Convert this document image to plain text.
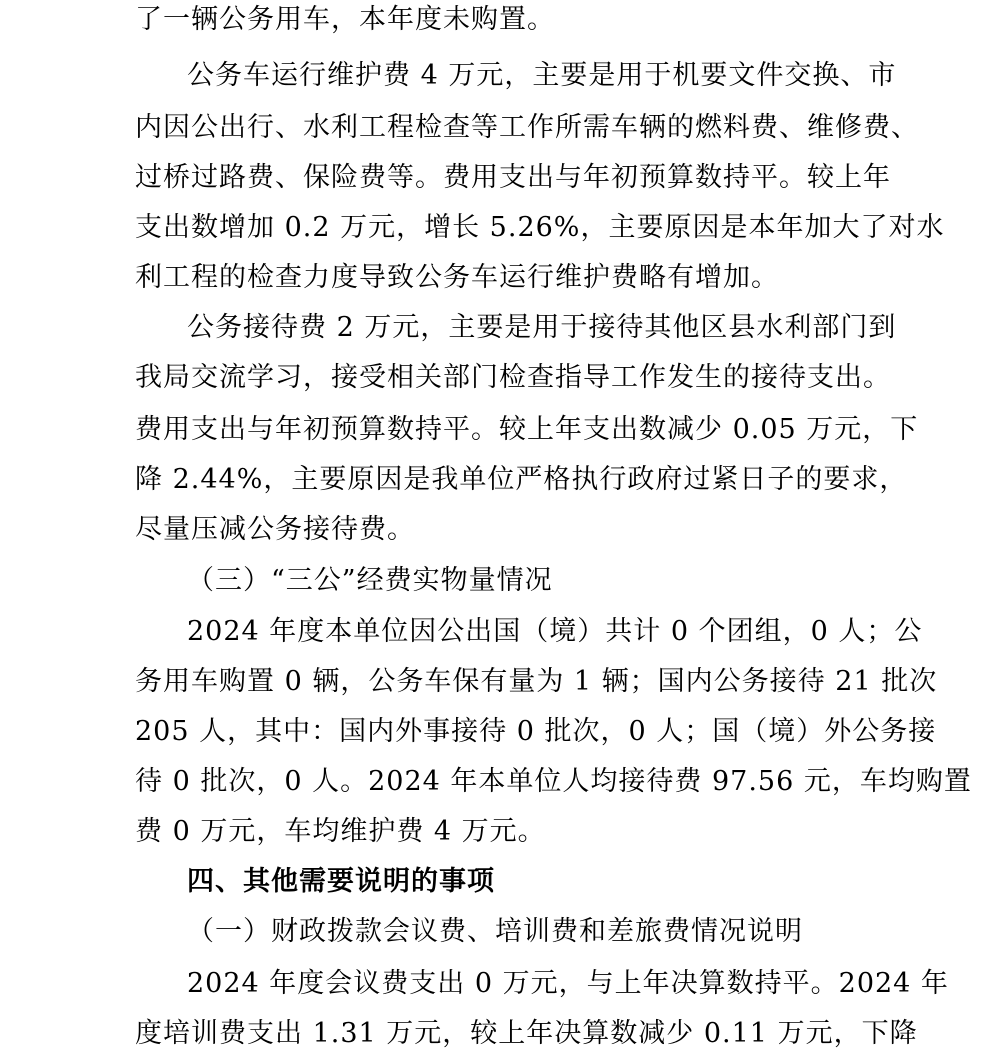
了一辆公务用车，本年度未购置。
公务车运行维护费 4 万元，主要是用于机要文件交换、市
内因公出行、水利工程检查等工作所需车辆的燃料费、维修费、
过桥过路费、保险费等。费用支出与年初预算数持平。较上年
支出数增加 0.2 万元，增长 5.26%，主要原因是本年加大了对水
利工程的检查力度导致公务车运行维护费略有增加。
公务接待费 2 万元，主要是用于接待其他区县水利部门到
我局交流学习，接受相关部门检查指导工作发生的接待支出。
费用支出与年初预算数持平。较上年支出数减少 0.05 万元，下
降 2.44%，主要原因是我单位严格执行政府过紧日子的要求，
尽量压减公务接待费。
（三）“三公”经费实物量情况
2024 年度本单位因公出国（境）共计 0 个团组，0 人；公
务用车购置 0 辆，公务车保有量为 1 辆；国内公务接待 21 批次
205 人，其中：国内外事接待 0 批次，0 人；国（境）外公务接
待 0 批次，0 人。2024 年本单位人均接待费 97.56 元，车均购置
费 0 万元，车均维护费 4 万元。
四、其他需要说明的事项
（一）财政拨款会议费、培训费和差旅费情况说明
2024 年度会议费支出 0 万元，与上年决算数持平。2024 年
度培训费支出 1.31 万元，较上年决算数减少 0.11 万元，下降
